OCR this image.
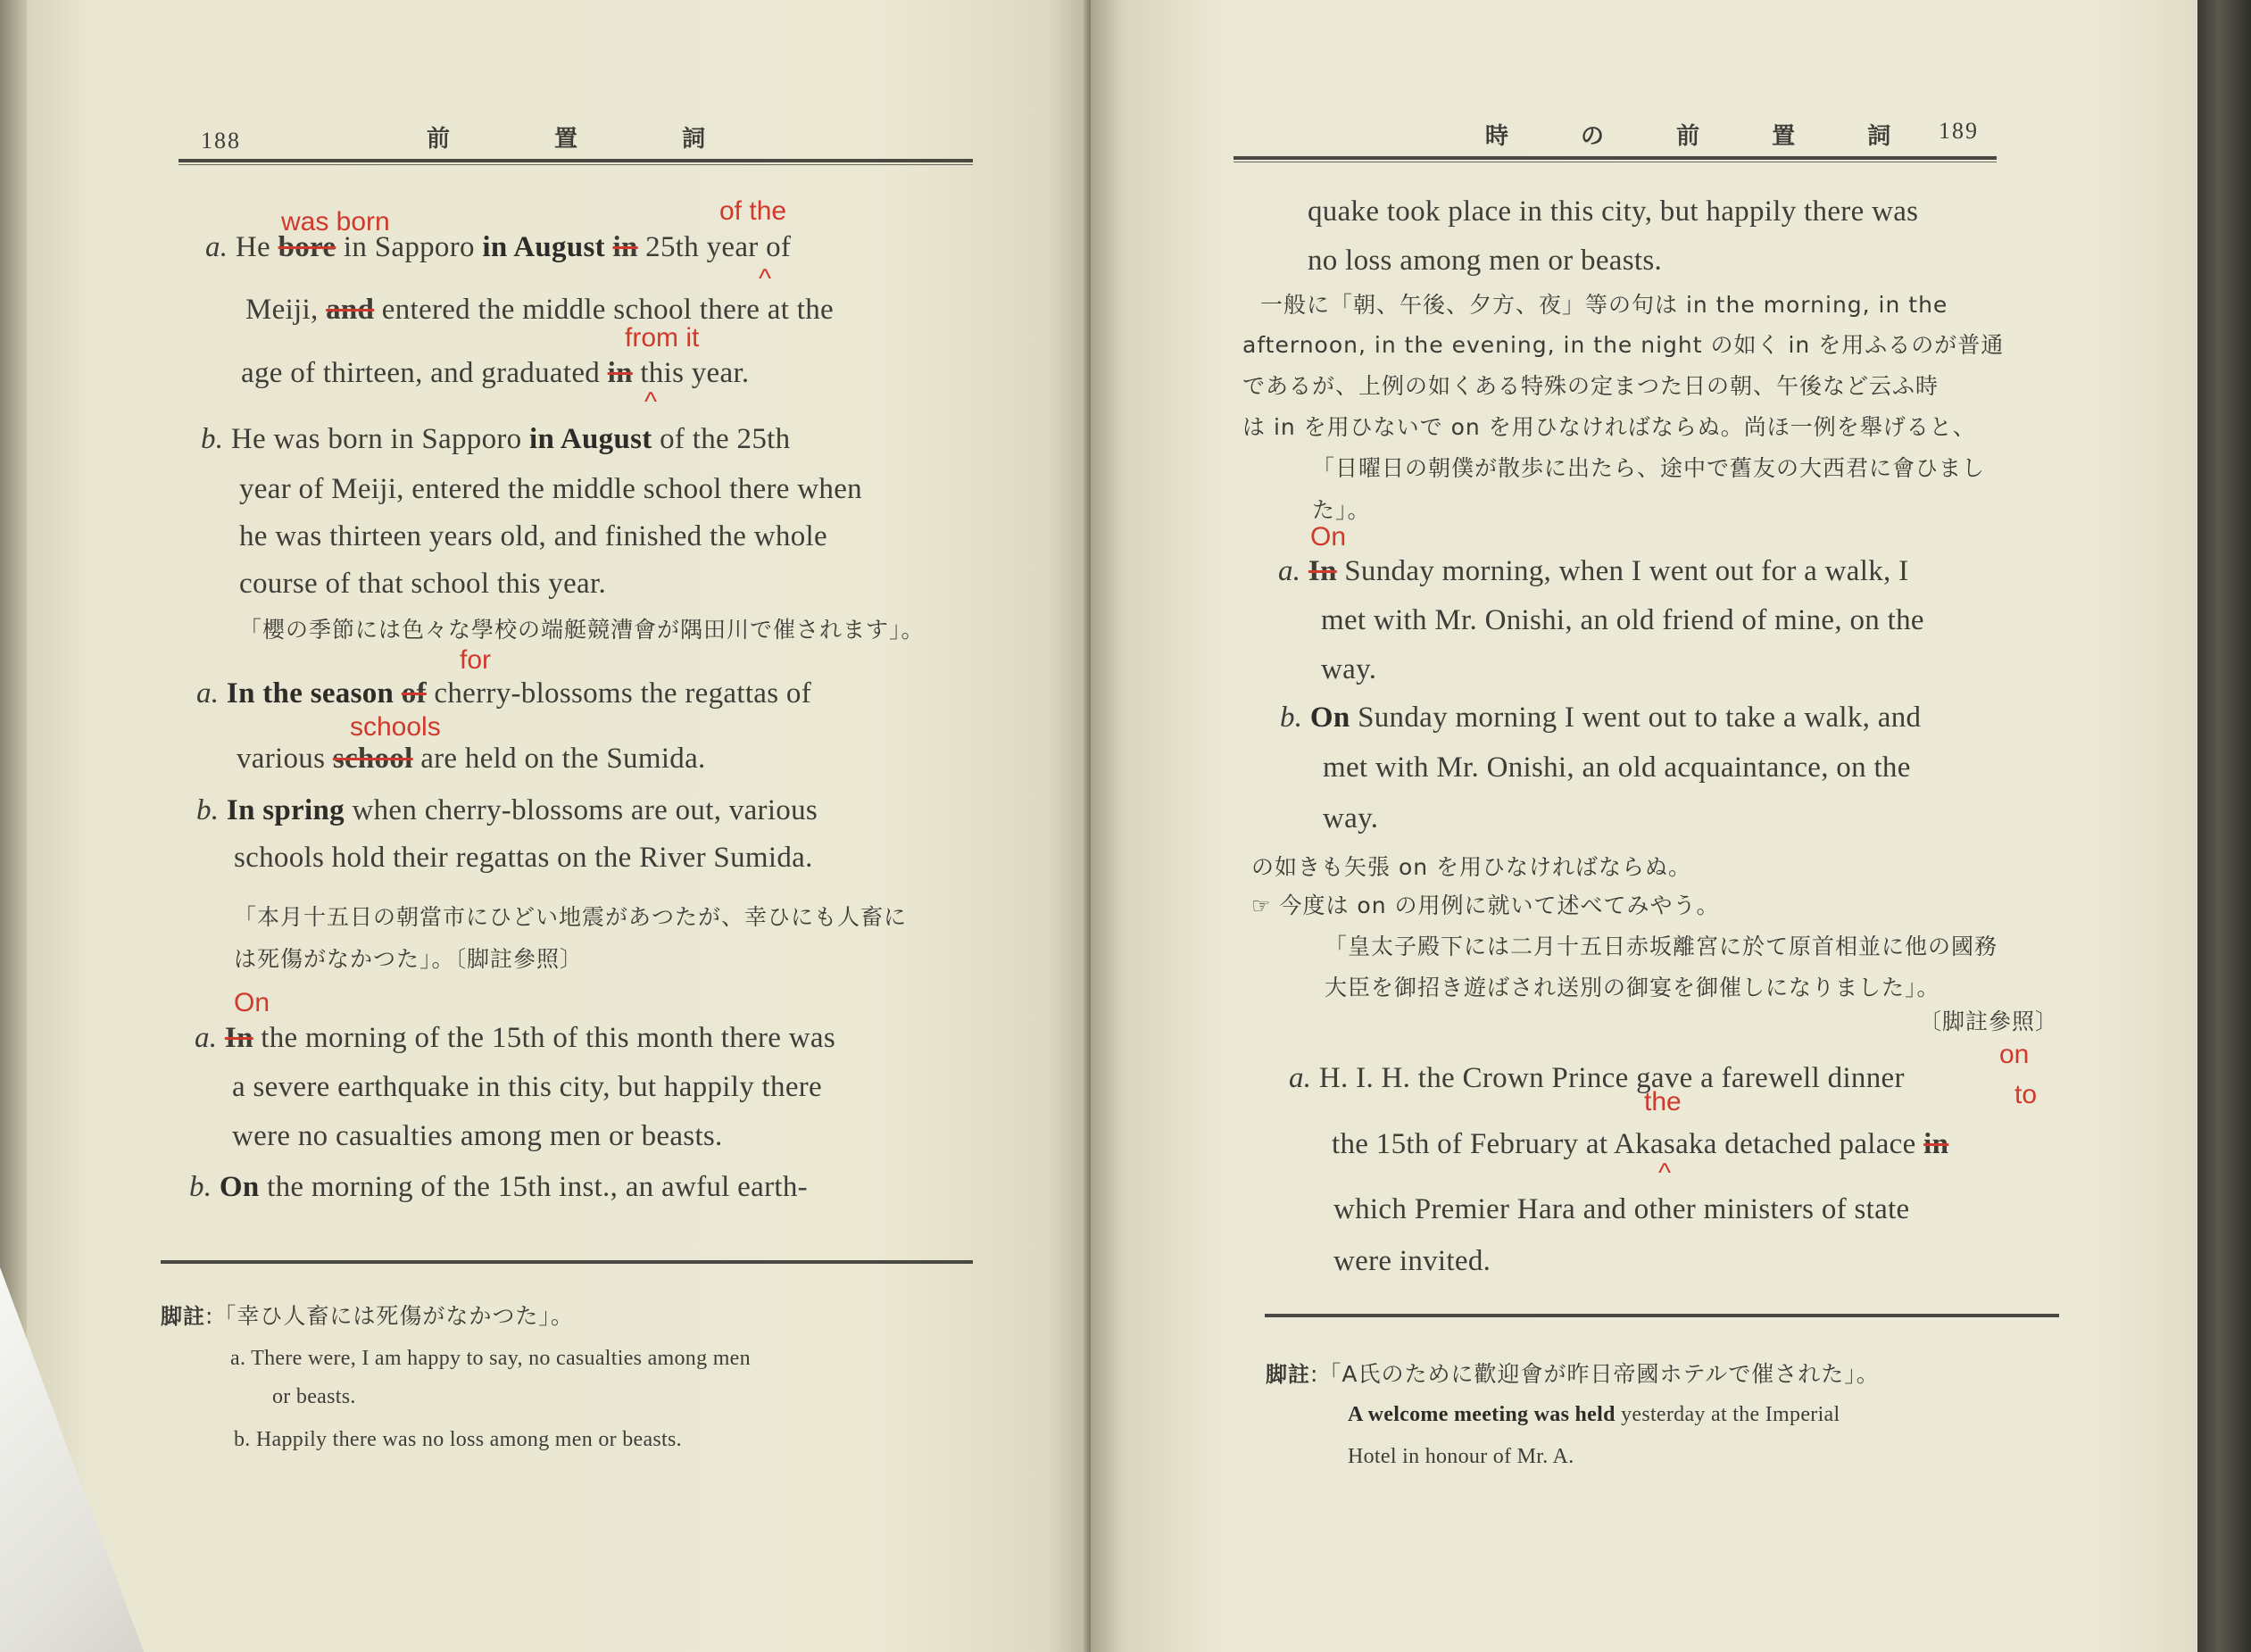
188	前 置 詞
was born	of the
^
a. He bore in Sapporo in August in 25th year of
Meiji, and entered the middle school there at the
from it
^
age of thirteen, and graduated in this year.
b. He was born in Sapporo in August of the 25th
year of Meiji, entered the middle school there when
he was thirteen years old, and finished the whole
course of that school this year.
「櫻の季節には色々な學校の端艇競漕會が隅田川で催されます」。
for
a. In the season of cherry-blossoms the regattas of
schools
various school are held on the Sumida.
b. In spring when cherry-blossoms are out, various
schools hold their regattas on the River Sumida.
「本月十五日の朝當市にひどい地震があつたが、幸ひにも人畜に
は死傷がなかつた」。〔脚註參照〕
On
a. In the morning of the 15th of this month there was
a severe earthquake in this city, but happily there
were no casualties among men or beasts.
b. On the morning of the 15th inst., an awful earth-
脚註:「幸ひ人畜には死傷がなかつた」。
a. There were, I am happy to say, no casualties among men
or beasts.
b. Happily there was no loss among men or beasts.
時 の 前 置 詞 189
quake took place in this city, but happily there was
no loss among men or beasts.
一般に「朝、午後、夕方、夜」等の句は in the morning, in the
afternoon, in the evening, in the night の如く in を用ふるのが普通
であるが、上例の如くある特殊の定まつた日の朝、午後など云ふ時
は in を用ひないで on を用ひなければならぬ。尚ほ一例を舉げると、
「日曜日の朝僕が散歩に出たら、途中で舊友の大西君に會ひまし
た」。
On
a. In Sunday morning, when I went out for a walk, I
met with Mr. Onishi, an old friend of mine, on the
way.
b. On Sunday morning I went out to take a walk, and
met with Mr. Onishi, an old acquaintance, on the
way.
の如きも矢張 on を用ひなければならぬ。
☞ 今度は on の用例に就いて述べてみやう。
「皇太子殿下には二月十五日赤坂離宮に於て原首相並に他の國務
大臣を御招き遊ばされ送別の御宴を御催しになりました」。
〔脚註參照〕
on
a. H. I. H. the Crown Prince gave a farewell dinner
the	to
the 15th of February at Akasaka detached palace in
^
which Premier Hara and other ministers of state
were invited.
脚註:「A氏のために歡迎會が昨日帝國ホテルで催された」。
A welcome meeting was held yesterday at the Imperial
Hotel in honour of Mr. A.
